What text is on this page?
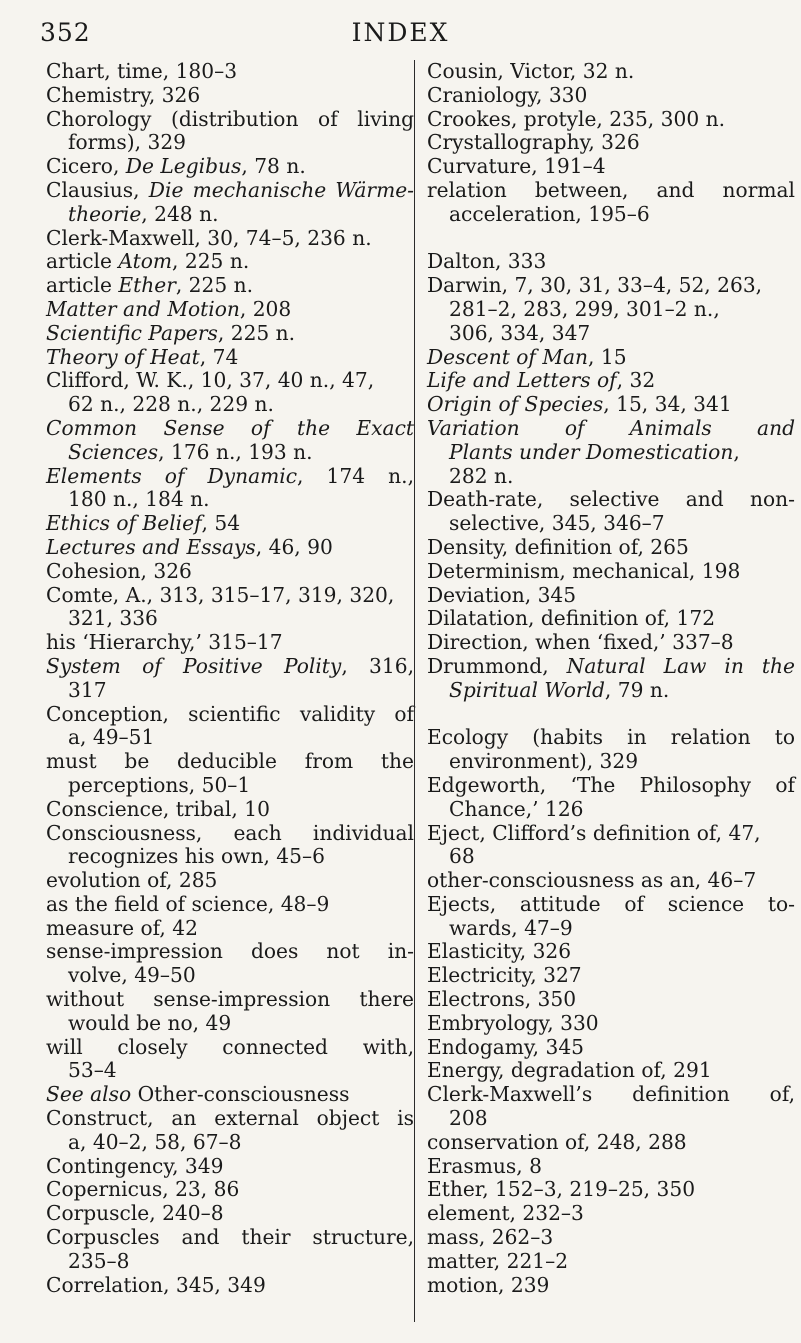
352	INDEX
Chart, time, 180–3
Chemistry, 326
Chorology (distribution of living
forms), 329
Cicero, De Legibus, 78 n.
Clausius, Die mechanische Wärme-
theorie, 248 n.
Clerk-Maxwell, 30, 74–5, 236 n.
article Atom, 225 n.
article Ether, 225 n.
Matter and Motion, 208
Scientific Papers, 225 n.
Theory of Heat, 74
Clifford, W. K., 10, 37, 40 n., 47,
62 n., 228 n., 229 n.
Common Sense of the Exact
Sciences, 176 n., 193 n.
Elements of Dynamic, 174 n.,
180 n., 184 n.
Ethics of Belief, 54
Lectures and Essays, 46, 90
Cohesion, 326
Comte, A., 313, 315–17, 319, 320,
321, 336
his ‘Hierarchy,’ 315–17
System of Positive Polity, 316,
317
Conception, scientific validity of
a, 49–51
must be deducible from the
perceptions, 50–1
Conscience, tribal, 10
Consciousness, each individual
recognizes his own, 45–6
evolution of, 285
as the field of science, 48–9
measure of, 42
sense-impression does not in-
volve, 49–50
without sense-impression there
would be no, 49
will closely connected with,
53–4
See also Other-consciousness
Construct, an external object is
a, 40–2, 58, 67–8
Contingency, 349
Copernicus, 23, 86
Corpuscle, 240–8
Corpuscles and their structure,
235–8
Correlation, 345, 349
Cousin, Victor, 32 n.
Craniology, 330
Crookes, protyle, 235, 300 n.
Crystallography, 326
Curvature, 191–4
relation between, and normal
acceleration, 195–6
Dalton, 333
Darwin, 7, 30, 31, 33–4, 52, 263,
281–2, 283, 299, 301–2 n.,
306, 334, 347
Descent of Man, 15
Life and Letters of, 32
Origin of Species, 15, 34, 341
Variation of Animals and
Plants under Domestication,
282 n.
Death-rate, selective and non-
selective, 345, 346–7
Density, definition of, 265
Determinism, mechanical, 198
Deviation, 345
Dilatation, definition of, 172
Direction, when ‘fixed,’ 337–8
Drummond, Natural Law in the
Spiritual World, 79 n.
Ecology (habits in relation to
environment), 329
Edgeworth, ‘The Philosophy of
Chance,’ 126
Eject, Clifford’s definition of, 47,
68
other-consciousness as an, 46–7
Ejects, attitude of science to-
wards, 47–9
Elasticity, 326
Electricity, 327
Electrons, 350
Embryology, 330
Endogamy, 345
Energy, degradation of, 291
Clerk-Maxwell’s definition of,
208
conservation of, 248, 288
Erasmus, 8
Ether, 152–3, 219–25, 350
element, 232–3
mass, 262–3
matter, 221–2
motion, 239
